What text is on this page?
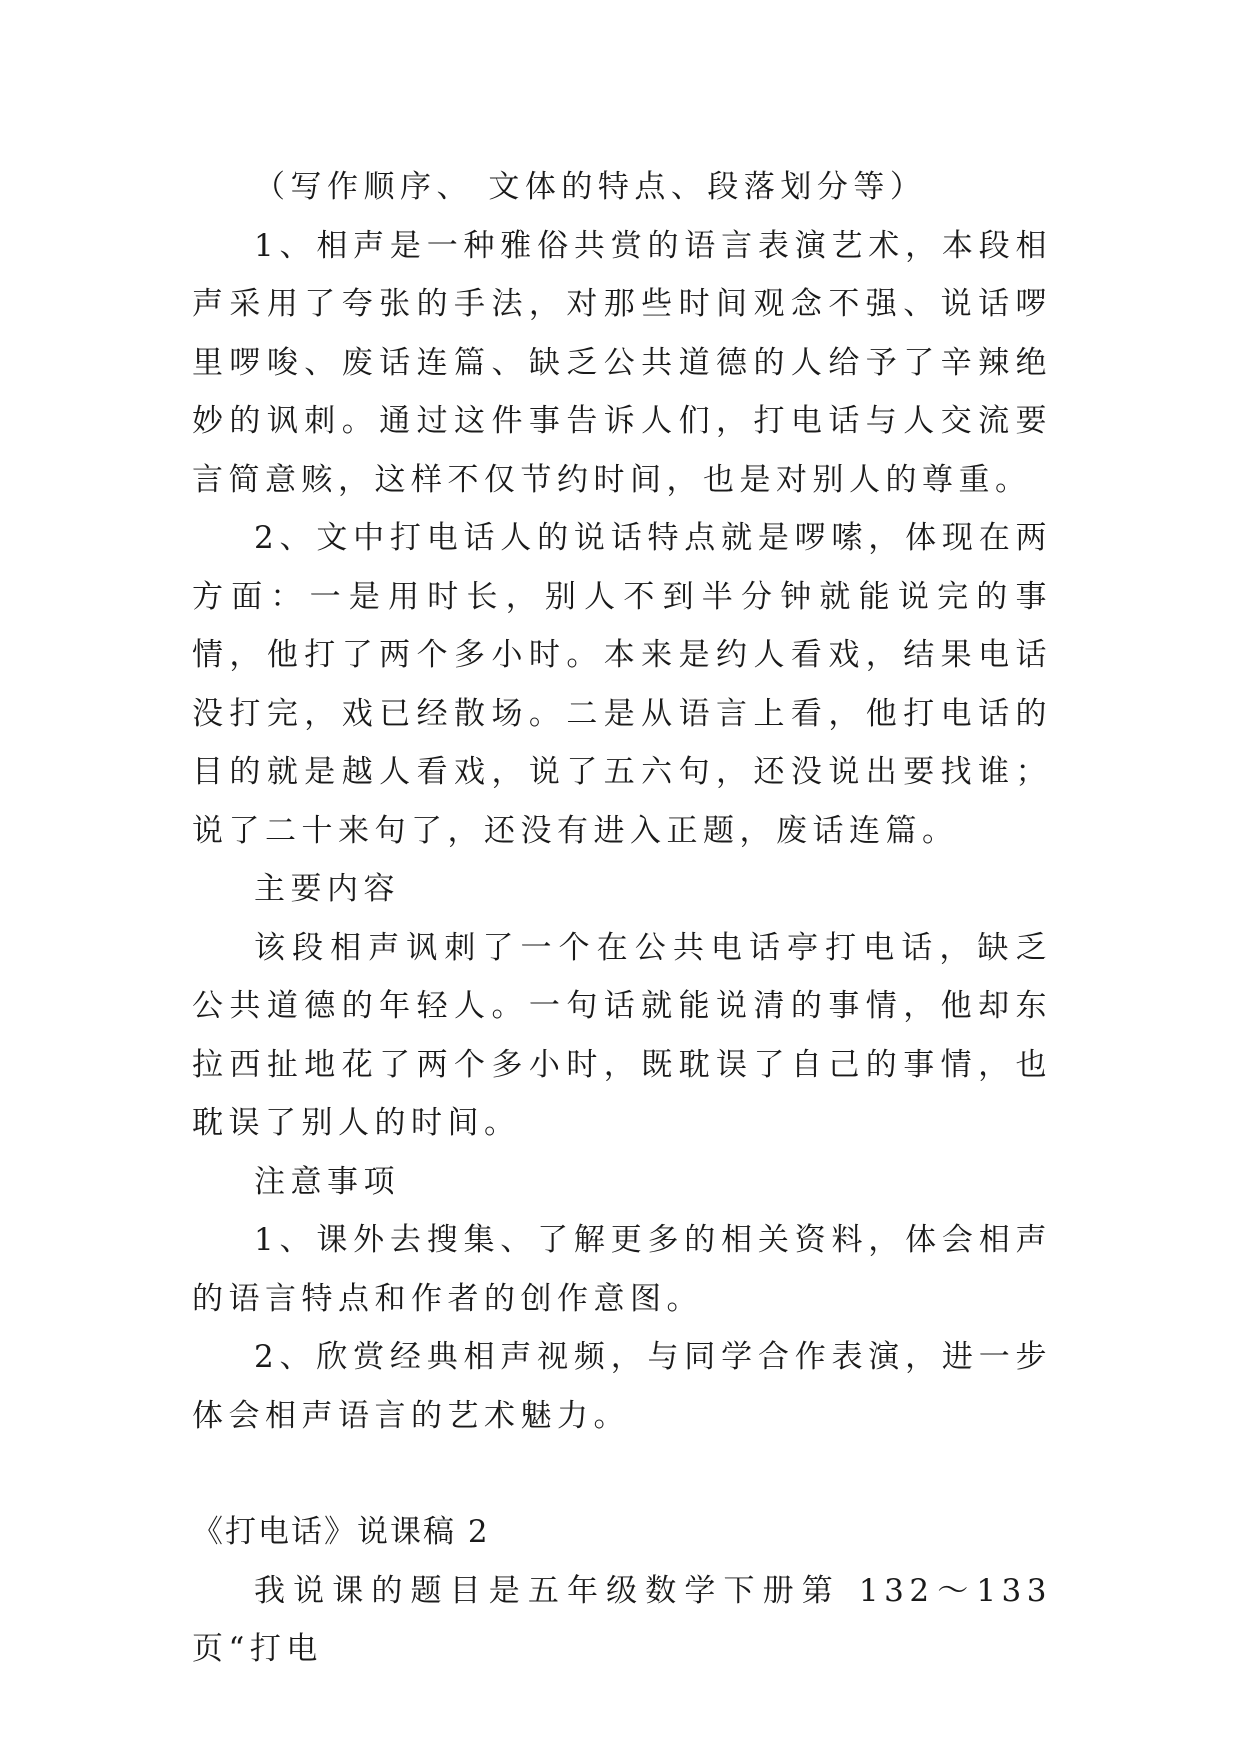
（写作顺序、 文体的特点、段落划分等）

1、相声是一种雅俗共赏的语言表演艺术，本段相声采用了夸张的手法，对那些时间观念不强、说话啰里啰唆、废话连篇、缺乏公共道德的人给予了辛辣绝妙的讽刺。通过这件事告诉人们，打电话与人交流要言简意赅，这样不仅节约时间，也是对别人的尊重。

2、文中打电话人的说话特点就是啰嗦，体现在两方面：一是用时长，别人不到半分钟就能说完的事情，他打了两个多小时。本来是约人看戏，结果电话没打完，戏已经散场。二是从语言上看，他打电话的目的就是越人看戏，说了五六句，还没说出要找谁；说了二十来句了，还没有进入正题，废话连篇。

主要内容

该段相声讽刺了一个在公共电话亭打电话，缺乏公共道德的年轻人。一句话就能说清的事情，他却东拉西扯地花了两个多小时，既耽误了自己的事情，也耽误了别人的时间。

注意事项

1、课外去搜集、了解更多的相关资料，体会相声的语言特点和作者的创作意图。

2、欣赏经典相声视频，与同学合作表演，进一步体会相声语言的艺术魅力。

《打电话》说课稿 2

我说课的题目是五年级数学下册第 132～133 页“打电
